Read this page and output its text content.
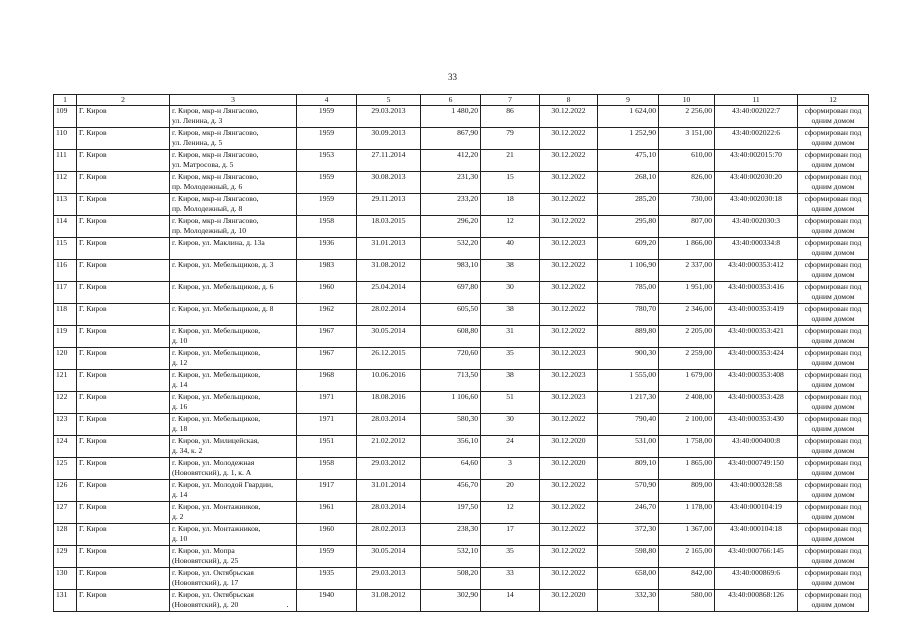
33
1	2	3	4	5	6	7	8	9	10	11	12
109	Г. Киров	г. Киров, мкр-н Лянгасово,
ул. Ленина, д. 3	1959	29.03.2013	1 480,20	86	30.12.2022	1 624,00	2 256,00	43:40:002022:7	сформирован под
одним домом

110	Г. Киров	г. Киров, мкр-н Лянгасово,
ул. Ленина, д. 5	1959	30.09.2013	867,90	79	30.12.2022	1 252,90	3 151,00	43:40:002022:6	сформирован под
одним домом

111	Г. Киров	г. Киров, мкр-н Лянгасово,
ул. Матросова, д. 5	1953	27.11.2014	412,20	21	30.12.2022	475,10	610,00	43:40:002015:70	сформирован под
одним домом

112	Г. Киров	г. Киров, мкр-н Лянгасово,
пр. Молодежный, д. 6	1959	30.08.2013	231,30	15	30.12.2022	268,10	826,00	43:40:002030:20	сформирован под
одним домом

113	Г. Киров	г. Киров, мкр-н Лянгасово,
пр. Молодежный, д. 8	1959	29.11.2013	233,20	18	30.12.2022	285,20	730,00	43:40:002030:18	сформирован под
одним домом

114	Г. Киров	г. Киров, мкр-н Лянгасово,
пр. Молодежный, д. 10	1958	18.03.2015	296,20	12	30.12.2022	295,80	807,00	43:40:002030:3	сформирован под
одним домом

115	Г. Киров	г. Киров, ул. Маклина, д. 13а	1936	31.01.2013	532,20	40	30.12.2023	609,20	1 866,00	43:40:000334:8	сформирован под
одним домом

116	Г. Киров	г. Киров, ул. Мебельщиков, д. 3	1983	31.08.2012	983,10	38	30.12.2022	1 106,90	2 337,00	43:40:000353:412	сформирован под
одним домом

117	Г. Киров	г. Киров, ул. Мебельщиков, д. 6	1960	25.04.2014	697,80	30	30.12.2022	785,00	1 951,00	43:40:000353:416	сформирован под
одним домом

118	Г. Киров	г. Киров, ул. Мебельщиков, д. 8	1962	28.02.2014	605,50	38	30.12.2022	780,70	2 346,00	43:40:000353:419	сформирован под
одним домом

119	Г. Киров	г. Киров, ул. Мебельщиков,
д. 10	1967	30.05.2014	608,80	31	30.12.2022	889,80	2 205,00	43:40:000353:421	сформирован под
одним домом

120	Г. Киров	г. Киров, ул. Мебельщиков,
д. 12	1967	26.12.2015	720,60	35	30.12.2023	900,30	2 259,00	43:40:000353:424	сформирован под
одним домом

121	Г. Киров	г. Киров, ул. Мебельщиков,
д. 14	1968	10.06.2016	713,50	38	30.12.2023	1 555,00	1 679,00	43:40:000353:408	сформирован под
одним домом

122	Г. Киров	г. Киров, ул. Мебельщиков,
д. 16	1971	18.08.2016	1 106,60	51	30.12.2023	1 217,30	2 408,00	43:40:000353:428	сформирован под
одним домом

123	Г. Киров	г. Киров, ул. Мебельщиков,
д. 18	1971	28.03.2014	580,30	30	30.12.2022	790,40	2 100,00	43:40:000353:430	сформирован под
одним домом

124	Г. Киров	г. Киров, ул. Милицейская,
д. 34, к. 2	1951	21.02.2012	356,10	24	30.12.2020	531,00	1 758,00	43:40:000400:8	сформирован под
одним домом

125	Г. Киров	г. Киров, ул. Молодежная
(Нововятский), д. 1, к. А	1958	29.03.2012	64,60	3	30.12.2020	809,10	1 865,00	43:40:000749:150	сформирован под
одним домом

126	Г. Киров	г. Киров, ул. Молодой Гвардии,
д. 14	1917	31.01.2014	456,70	20	30.12.2022	570,90	809,00	43:40:000328:58	сформирован под
одним домом

127	Г. Киров	г. Киров, ул. Монтажников,
д. 2	1961	28.03.2014	197,50	12	30.12.2022	246,70	1 178,00	43:40:000104:19	сформирован под
одним домом

128	Г. Киров	г. Киров, ул. Монтажников,
д. 10	1960	28.02.2013	238,30	17	30.12.2022	372,30	1 367,00	43:40:000104:18	сформирован под
одним домом

129	Г. Киров	г. Киров, ул. Мопра
(Нововятский), д. 25	1959	30.05.2014	532,10	35	30.12.2022	598,80	2 165,00	43:40:000766:145	сформирован под
одним домом

130	Г. Киров	г. Киров, ул. Октябрьская
(Нововятский), д. 17	1935	29.03.2013	508,20	33	30.12.2022	658,00	842,00	43:40:000869:6	сформирован под
одним домом

131	Г. Киров	г. Киров, ул. Октябрьская
(Нововятский), д. 20	1940	31.08.2012	302,90	14	30.12.2020	332,30	580,00	43:40:000868:126	сформирован под
одним домом
